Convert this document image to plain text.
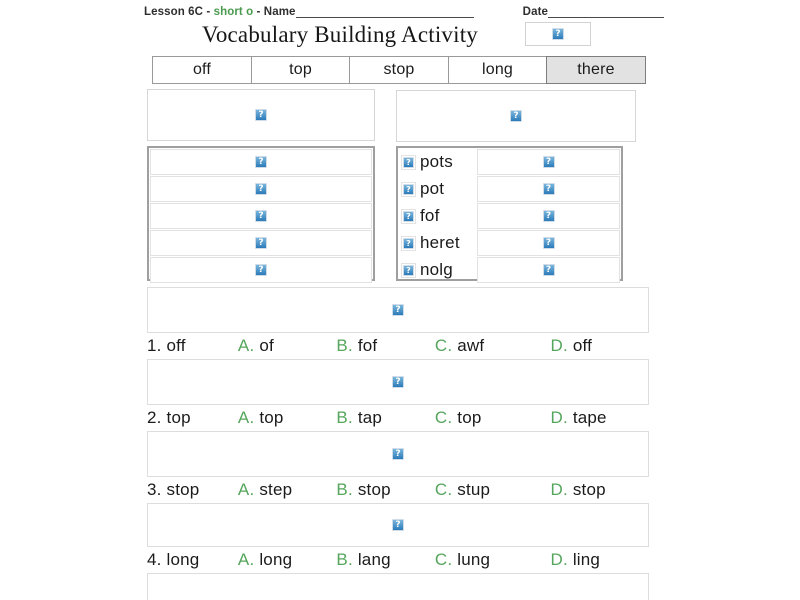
Lesson 6C - short o - Name	Date
Vocabulary Building Activity
?
off	top	stop	long	there
?
?
?
?
?
?
?
?
pots
?
?
pot
?
?
fof
?
?
heret
?
?
nolg
?
?
1. off	A. of	B. fof	C. awf	D. off
?
2. top	A. top	B. tap	C. top	D. tape
?
3. stop	A. step	B. stop	C. stup	D. stop
?
4. long	A. long	B. lang	C. lung	D. ling
